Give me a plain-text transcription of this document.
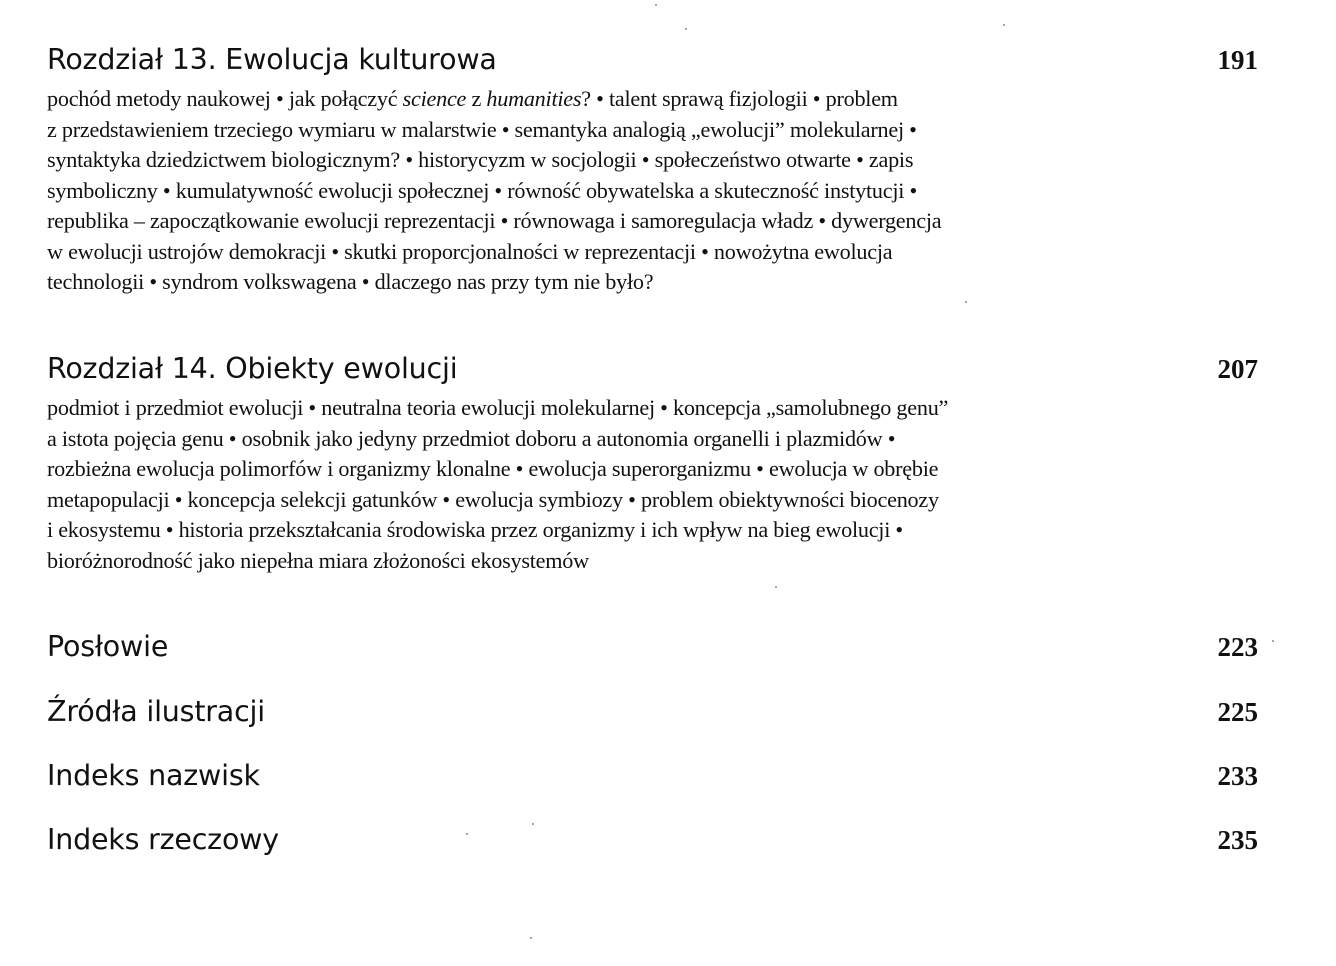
Rozdział 13. Ewolucja kulturowa	191
pochód metody naukowej • jak połączyć science z humanities? • talent sprawą fizjologii • problem
z przedstawieniem trzeciego wymiaru w malarstwie • semantyka analogią „ewolucji” molekularnej •
syntaktyka dziedzictwem biologicznym? • historycyzm w socjologii • społeczeństwo otwarte • zapis
symboliczny • kumulatywność ewolucji społecznej • równość obywatelska a skuteczność instytucji •
republika – zapoczątkowanie ewolucji reprezentacji • równowaga i samoregulacja władz • dywergencja
w ewolucji ustrojów demokracji • skutki proporcjonalności w reprezentacji • nowożytna ewolucja
technologii • syndrom volkswagena • dlaczego nas przy tym nie było?
Rozdział 14. Obiekty ewolucji	207
podmiot i przedmiot ewolucji • neutralna teoria ewolucji molekularnej • koncepcja „samolubnego genu”
a istota pojęcia genu • osobnik jako jedyny przedmiot doboru a autonomia organelli i plazmidów •
rozbieżna ewolucja polimorfów i organizmy klonalne • ewolucja superorganizmu • ewolucja w obrębie
metapopulacji • koncepcja selekcji gatunków • ewolucja symbiozy • problem obiektywności biocenozy
i ekosystemu • historia przekształcania środowiska przez organizmy i ich wpływ na bieg ewolucji •
bioróżnorodność jako niepełna miara złożoności ekosystemów
Posłowie	223
Źródła ilustracji	225
Indeks nazwisk	233
Indeks rzeczowy	235
